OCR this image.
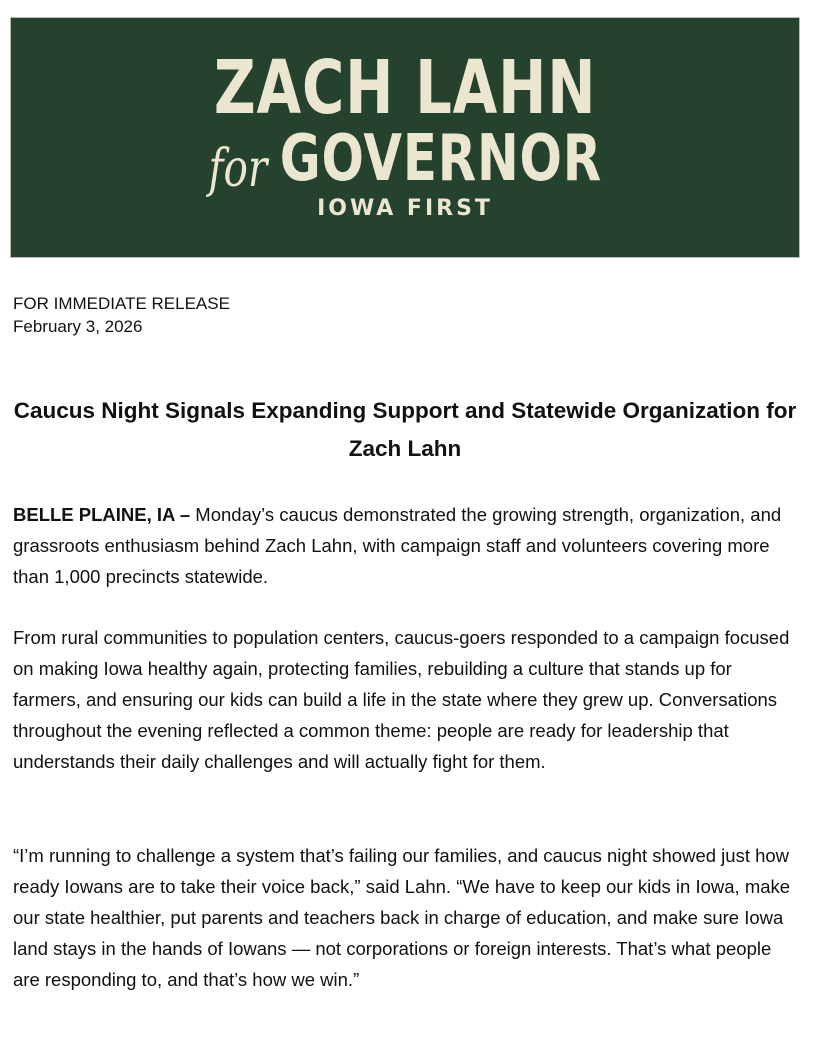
ZACH LAHN
for GOVERNOR
IOWA FIRST
FOR IMMEDIATE RELEASE
February 3, 2026
Caucus Night Signals Expanding Support and Statewide Organization for Zach Lahn

BELLE PLAINE, IA – Monday’s caucus demonstrated the growing strength, organization, and grassroots enthusiasm behind Zach Lahn, with campaign staff and volunteers covering more than 1,000 precincts statewide.

From rural communities to population centers, caucus-goers responded to a campaign focused on making Iowa healthy again, protecting families, rebuilding a culture that stands up for farmers, and ensuring our kids can build a life in the state where they grew up. Conversations throughout the evening reflected a common theme: people are ready for leadership that understands their daily challenges and will actually fight for them.

“I’m running to challenge a system that’s failing our families, and caucus night showed just how ready Iowans are to take their voice back,” said Lahn. “We have to keep our kids in Iowa, make our state healthier, put parents and teachers back in charge of education, and make sure Iowa land stays in the hands of Iowans — not corporations or foreign interests. That’s what people are responding to, and that’s how we win.”
